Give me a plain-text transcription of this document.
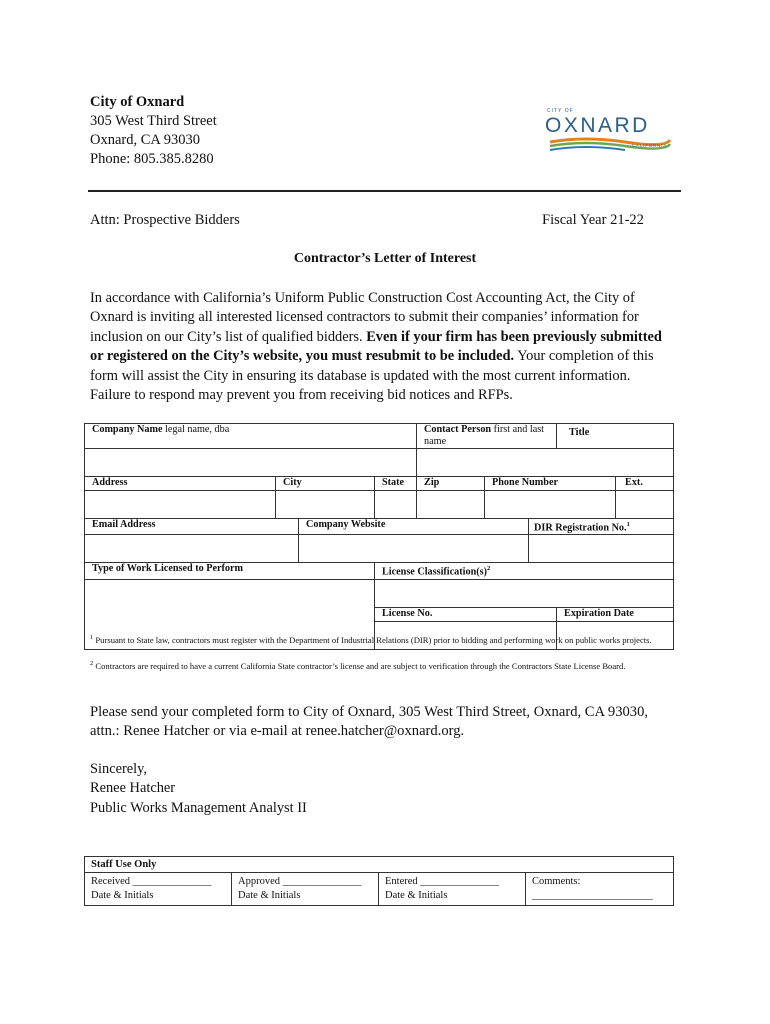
City of Oxnard
305 West Third Street
Oxnard, CA 93030
Phone: 805.385.8280
CITY OF
OXNARD
CALIFORNIA
Attn: Prospective Bidders	Fiscal Year 21-22
Contractor’s Letter of Interest
In accordance with California’s Uniform Public Construction Cost Accounting Act, the City of Oxnard is inviting all interested licensed contractors to submit their companies’ information for inclusion on our City’s list of qualified bidders. Even if your firm has been previously submitted or registered on the City’s website, you must resubmit to be included. Your completion of this form will assist the City in ensuring its database is updated with the most current information. Failure to respond may prevent you from receiving bid notices and RFPs.
Company Name legal name, dba				Contact Person first and last name			Title	

Address	City		State	Zip	Phone Number			Ext.

Email Address		Company Website				DIR Registration No.$^1$

Type of Work Licensed to Perform			License $Classification(s)^2$

			License No.				Expiration Date	

$^1$ Pursuant to State law, contractors must register with the Department of Industrial Relations (DIR) prior to bidding and performing work on public works projects.
$^2$ Contractors are required to have a current California State contractor’s license and are subject to verification through the Contractors State License Board.
Please send your completed form to City of Oxnard, 305 West Third Street, Oxnard, CA 93030, attn.: Renee Hatcher or via e-mail at renee.hatcher@oxnard.org.
Sincerely,
Renee Hatcher
Public Works Management Analyst II
Staff Use Only

Received _______________
Date & Initials

Approved _______________
Date & Initials

Entered _______________
Date & Initials

Comments:
_______________________
